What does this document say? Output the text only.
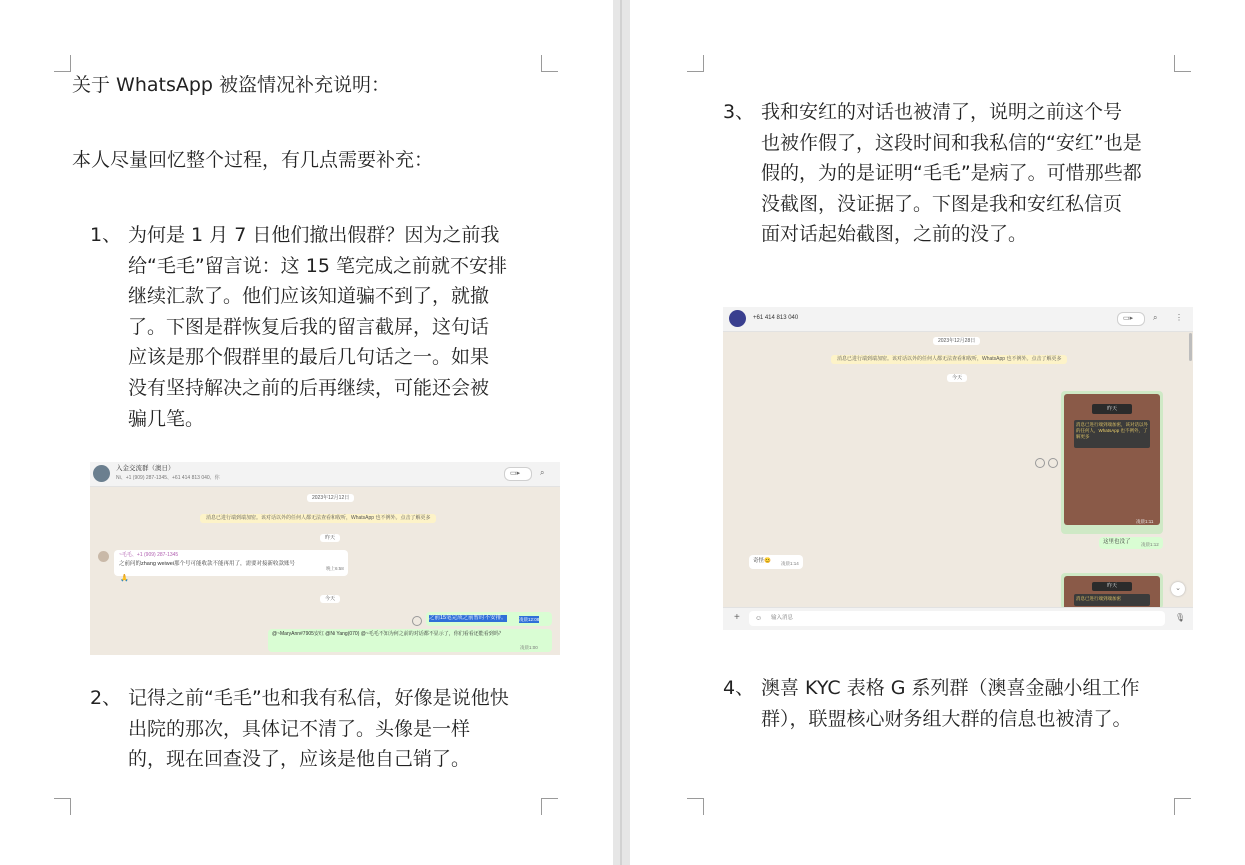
关于 WhatsApp 被盗情况补充说明：
本人尽量回忆整个过程，有几点需要补充：
1、 为何是 1 月 7 日他们撤出假群？因为之前我
给“毛毛”留言说：这 15 笔完成之前就不安排
继续汇款了。他们应该知道骗不到了，就撤
了。下图是群恢复后我的留言截屏，这句话
应该是那个假群里的最后几句话之一。如果
没有坚持解决之前的后再继续，可能还会被
骗几笔。
入金交流群（澳日）
Ni、+1 (909) 287-1345、+61 414 813 040、你
▭▸ ⌕
2023年12月12日
消息已进行端到端加密。该对话以外的任何人都无法查看和收听，WhatsApp 也不例外。点击了解更多
昨天
~毛毛、+1 (909) 287-1345
之前问的zhang weiwei那个号可能收款不能再用了，需要对接新收款账号
晚上6:58
🙏
今天
之前15笔完成之前暂时不安排。	凌晨12:08
@~MaryAnn#7905安红 @Ni Yang(070) @~毛毛不知为何之前的对话都不显示了，你们看看还能看到吗？
凌晨1:00
2、 记得之前“毛毛”也和我有私信，好像是说他快
出院的那次，具体记不清了。头像是一样
的，现在回查没了，应该是他自己销了。
3、 我和安红的对话也被清了，说明之前这个号
也被作假了，这段时间和我私信的“安红”也是
假的，为的是证明“毛毛”是病了。可惜那些都
没截图，没证据了。下图是我和安红私信页
面对话起始截图，之前的没了。
+61 414 813 040	▭▸ ⌕ ⋮
2023年12月28日
消息已进行端到端加密。该对话以外的任何人都无法查看和收听，WhatsApp 也不例外。点击了解更多
今天
昨天
消息已进行端到端加密，该对话以外的任何人，WhatsApp 也不例外，了解更多
凌晨1:11
这里也没了 凌晨1:12
奇怪😊 凌晨1:14
昨天
消息已进行端到端加密
⌄
+ ☺ 输入消息	🎙
4、 澳喜 KYC 表格 G 系列群（澳喜金融小组工作
群），联盟核心财务组大群的信息也被清了。
